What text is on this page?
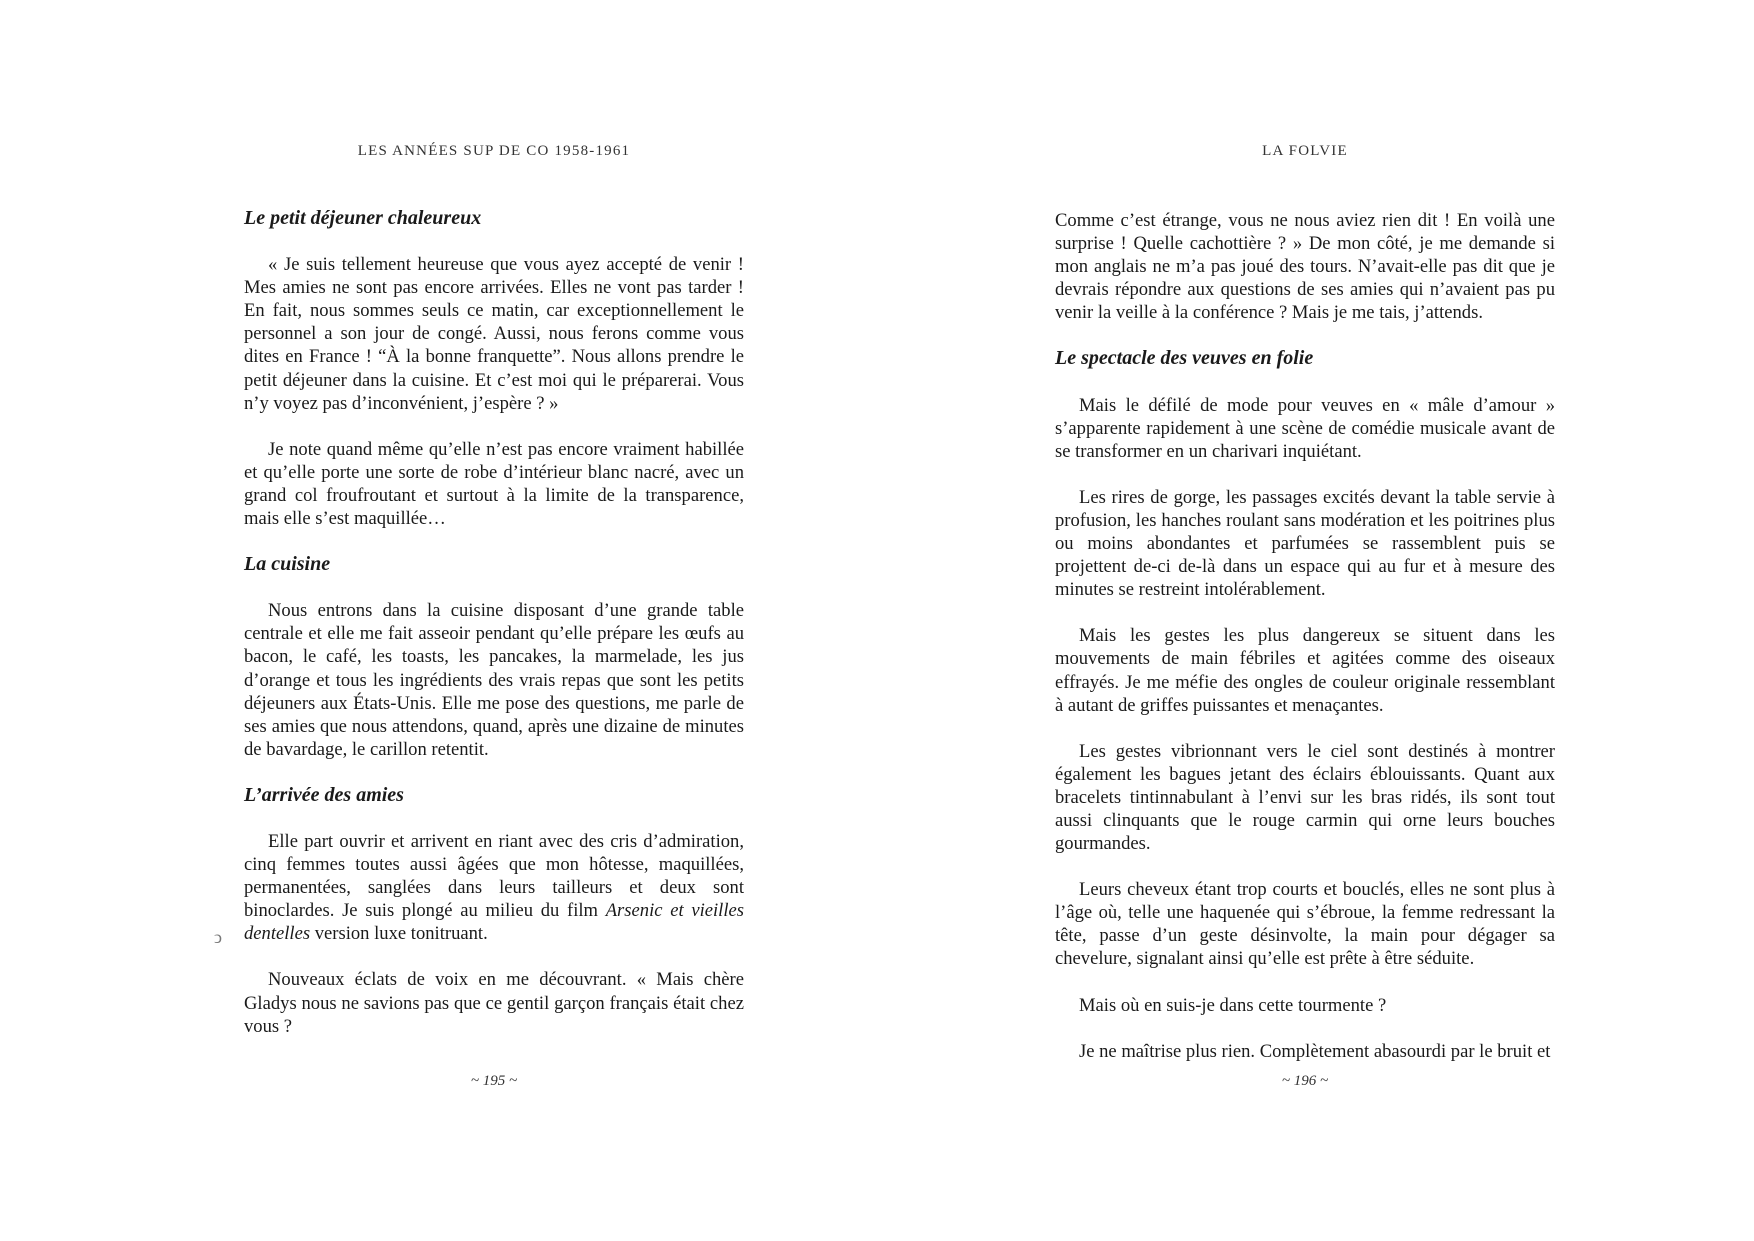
LES ANNÉES SUP DE CO 1958-1961
Le petit déjeuner chaleureux

« Je suis tellement heureuse que vous ayez accepté de venir ! Mes amies ne sont pas encore arrivées. Elles ne vont pas tarder ! En fait, nous sommes seuls ce matin, car exceptionnellement le personnel a son jour de congé. Aussi, nous ferons comme vous dites en France ! “À la bonne franquette”. Nous allons prendre le petit déjeuner dans la cuisine. Et c’est moi qui le préparerai. Vous n’y voyez pas d’inconvénient, j’espère ? »

Je note quand même qu’elle n’est pas encore vraiment habillée et qu’elle porte une sorte de robe d’intérieur blanc nacré, avec un grand col froufroutant et surtout à la limite de la transparence, mais elle s’est maquillée…

La cuisine

Nous entrons dans la cuisine disposant d’une grande table centrale et elle me fait asseoir pendant qu’elle prépare les œufs au bacon, le café, les toasts, les pancakes, la marmelade, les jus d’orange et tous les ingrédients des vrais repas que sont les petits déjeuners aux États-Unis. Elle me pose des questions, me parle de ses amies que nous attendons, quand, après une dizaine de minutes de bavardage, le carillon retentit.

L’arrivée des amies

Elle part ouvrir et arrivent en riant avec des cris d’admiration, cinq femmes toutes aussi âgées que mon hôtesse, maquillées, permanentées, sanglées dans leurs tailleurs et deux sont binoclardes. Je suis plongé au milieu du film Arsenic et vieilles dentelles version luxe tonitruant.

Nouveaux éclats de voix en me découvrant. « Mais chère Gladys nous ne savions pas que ce gentil garçon français était chez vous ?

~ 195 ~
ↄ
LA FOLVIE

Comme c’est étrange, vous ne nous aviez rien dit ! En voilà une surprise ! Quelle cachottière ? » De mon côté, je me demande si mon anglais ne m’a pas joué des tours. N’avait-elle pas dit que je devrais répondre aux questions de ses amies qui n’avaient pas pu venir la veille à la conférence ? Mais je me tais, j’attends.

Le spectacle des veuves en folie

Mais le défilé de mode pour veuves en « mâle d’amour » s’apparente rapidement à une scène de comédie musicale avant de se transformer en un charivari inquiétant.

Les rires de gorge, les passages excités devant la table servie à profusion, les hanches roulant sans modération et les poitrines plus ou moins abondantes et parfumées se rassemblent puis se projettent de-ci de-là dans un espace qui au fur et à mesure des minutes se restreint intolérablement.

Mais les gestes les plus dangereux se situent dans les mouvements de main fébriles et agitées comme des oiseaux effrayés. Je me méfie des ongles de couleur originale ressemblant à autant de griffes puissantes et menaçantes.

Les gestes vibrionnant vers le ciel sont destinés à montrer également les bagues jetant des éclairs éblouissants. Quant aux bracelets tintinnabulant à l’envi sur les bras ridés, ils sont tout aussi clinquants que le rouge carmin qui orne leurs bouches gourmandes.

Leurs cheveux étant trop courts et bouclés, elles ne sont plus à l’âge où, telle une haquenée qui s’ébroue, la femme redressant la tête, passe d’un geste désinvolte, la main pour dégager sa chevelure, signalant ainsi qu’elle est prête à être séduite.

Mais où en suis-je dans cette tourmente ?

Je ne maîtrise plus rien. Complètement abasourdi par le bruit et

~ 196 ~
